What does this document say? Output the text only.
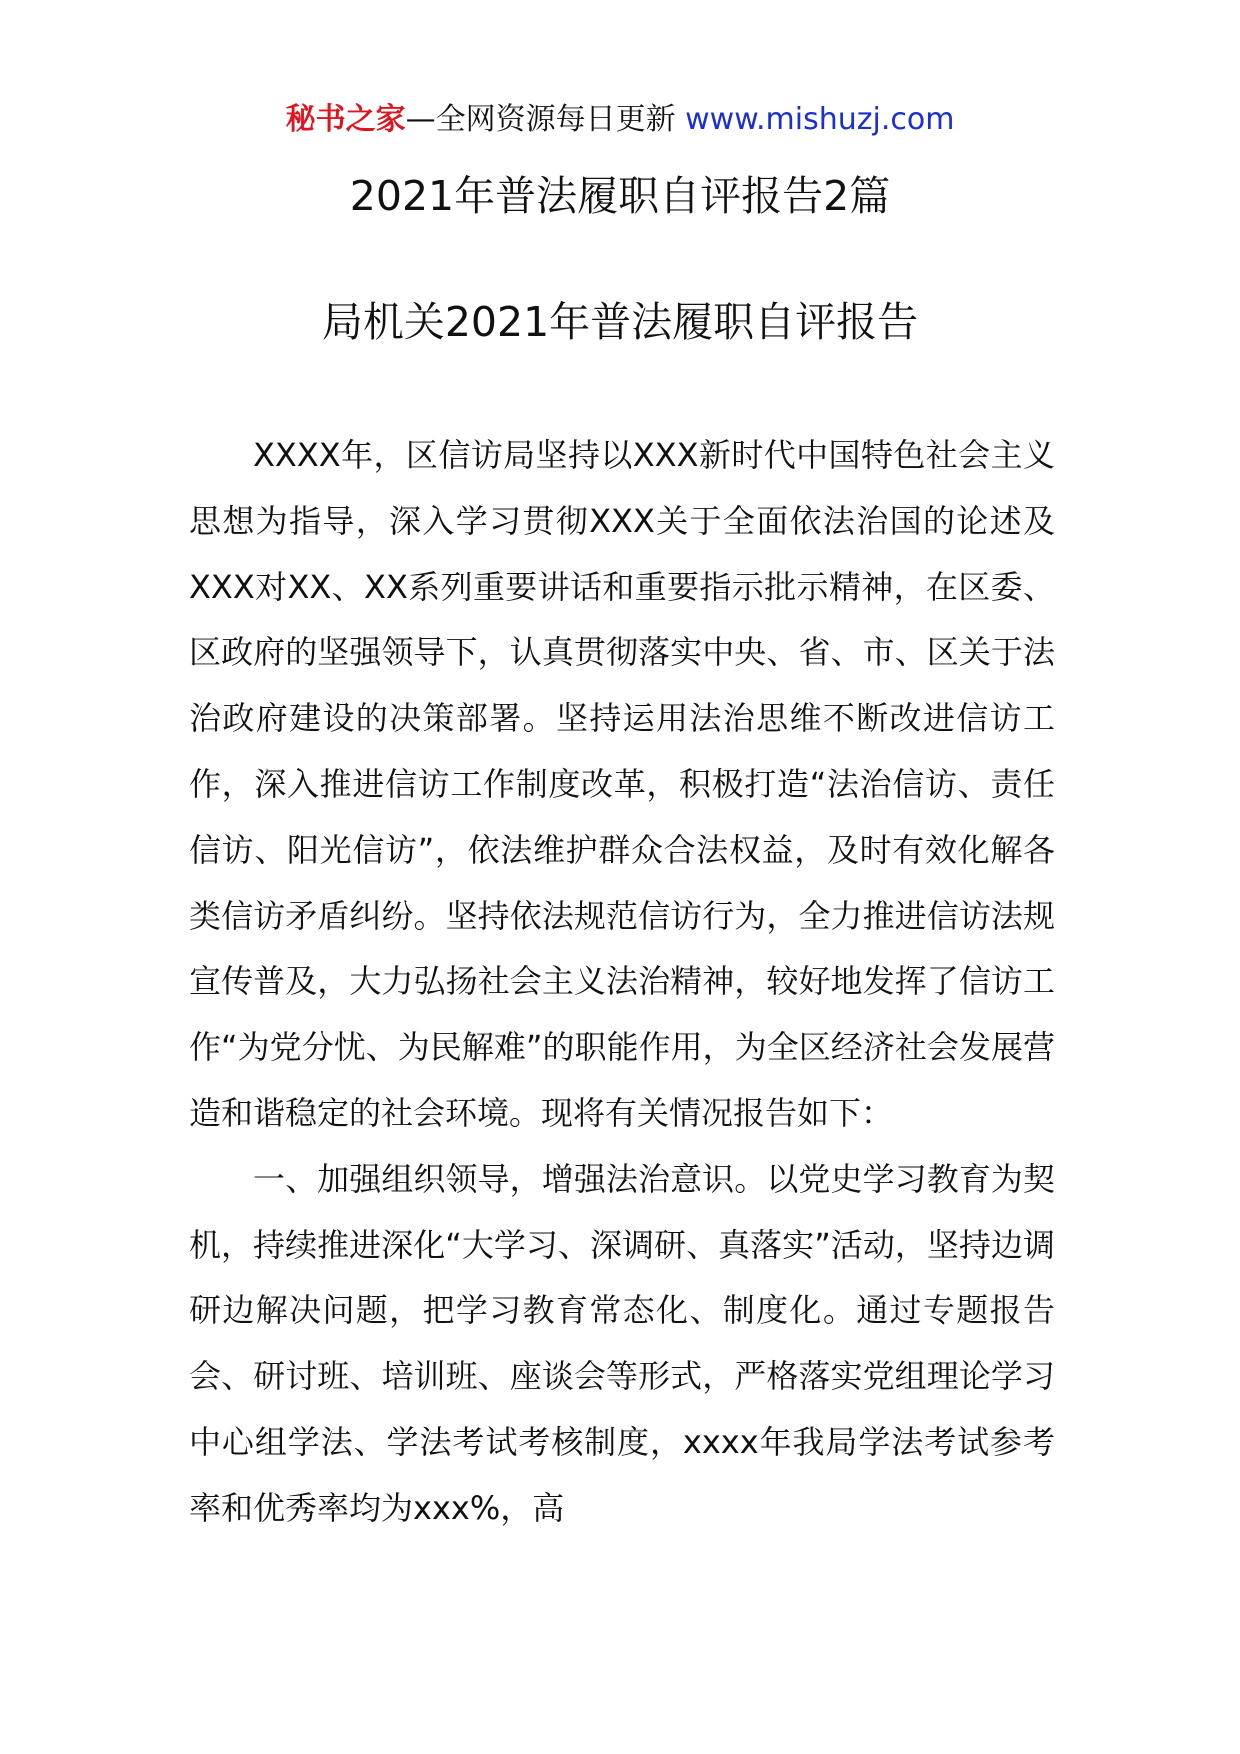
秘书之家—全网资源每日更新 www.mishuzj.com
2021年普法履职自评报告2篇
局机关2021年普法履职自评报告

XXXX年，区信访局坚持以XXX新时代中国特色社会主义思想为指导，深入学习贯彻XXX关于全面依法治国的论述及XXX对XX、XX系列重要讲话和重要指示批示精神，在区委、区政府的坚强领导下，认真贯彻落实中央、省、市、区关于法治政府建设的决策部署。坚持运用法治思维不断改进信访工作，深入推进信访工作制度改革，积极打造“法治信访、责任信访、阳光信访”，依法维护群众合法权益，及时有效化解各类信访矛盾纠纷。坚持依法规范信访行为，全力推进信访法规宣传普及，大力弘扬社会主义法治精神，较好地发挥了信访工作“为党分忧、为民解难”的职能作用，为全区经济社会发展营造和谐稳定的社会环境。现将有关情况报告如下：

一、加强组织领导，增强法治意识。以党史学习教育为契机，持续推进深化“大学习、深调研、真落实”活动，坚持边调研边解决问题，把学习教育常态化、制度化。通过专题报告会、研讨班、培训班、座谈会等形式，严格落实党组理论学习中心组学法、学法考试考核制度，xxxx年我局学法考试参考率和优秀率均为xxx%，高
